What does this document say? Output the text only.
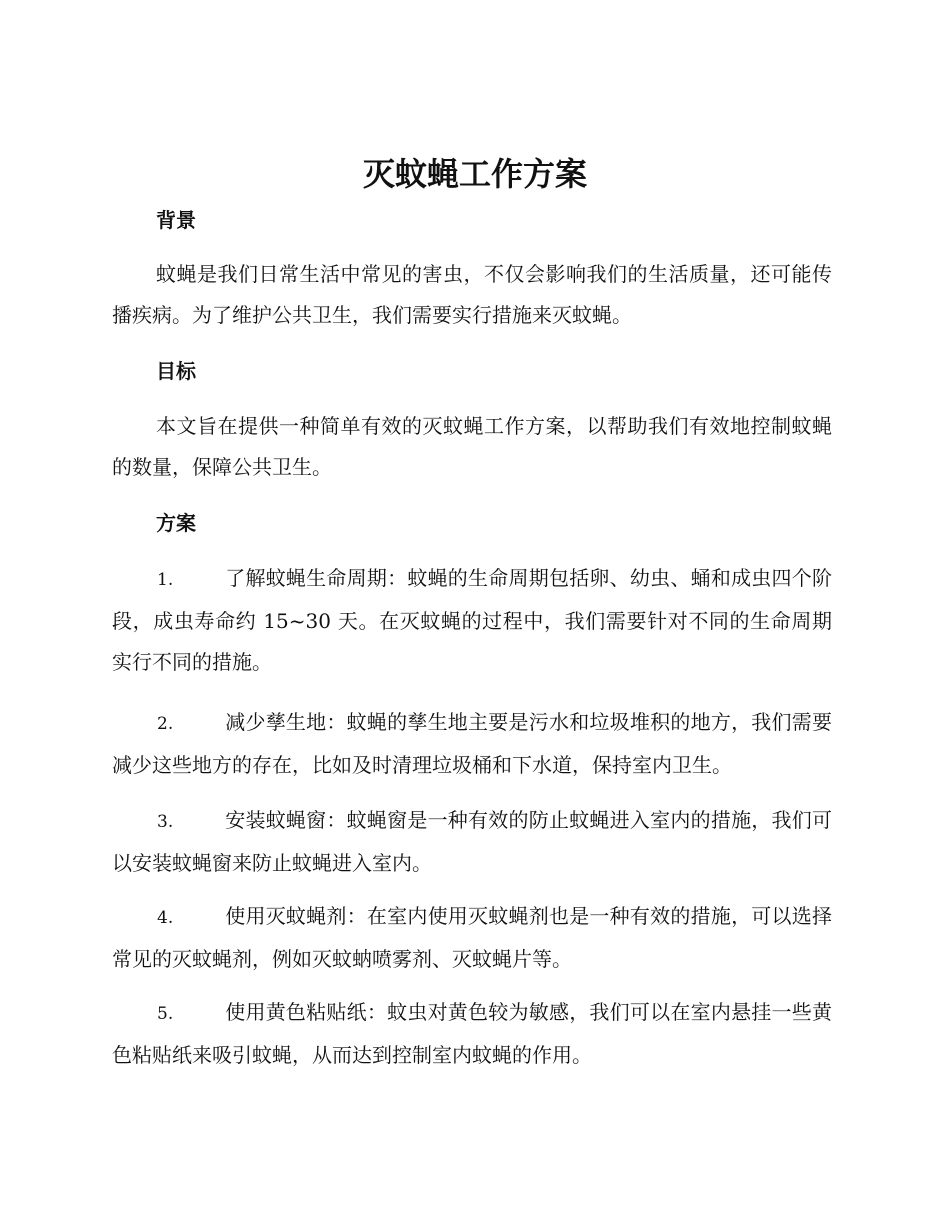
灭蚊蝇工作方案
背景

蚊蝇是我们日常生活中常见的害虫，不仅会影响我们的生活质量，还可能传播疾病。为了维护公共卫生，我们需要实行措施来灭蚊蝇。

目标

本文旨在提供一种简单有效的灭蚊蝇工作方案，以帮助我们有效地控制蚊蝇的数量，保障公共卫生。

方案

1.	了解蚊蝇生命周期：蚊蝇的生命周期包括卵、幼虫、蛹和成虫四个阶段，成虫寿命约 15~30 天。在灭蚊蝇的过程中，我们需要针对不同的生命周期实行不同的措施。

2.	减少孳生地：蚊蝇的孳生地主要是污水和垃圾堆积的地方，我们需要减少这些地方的存在，比如及时清理垃圾桶和下水道，保持室内卫生。

3.	安装蚊蝇窗：蚊蝇窗是一种有效的防止蚊蝇进入室内的措施，我们可以安装蚊蝇窗来防止蚊蝇进入室内。

4.	使用灭蚊蝇剂：在室内使用灭蚊蝇剂也是一种有效的措施，可以选择常见的灭蚊蝇剂，例如灭蚊蚋喷雾剂、灭蚊蝇片等。

5.	使用黄色粘贴纸：蚊虫对黄色较为敏感，我们可以在室内悬挂一些黄色粘贴纸来吸引蚊蝇，从而达到控制室内蚊蝇的作用。
